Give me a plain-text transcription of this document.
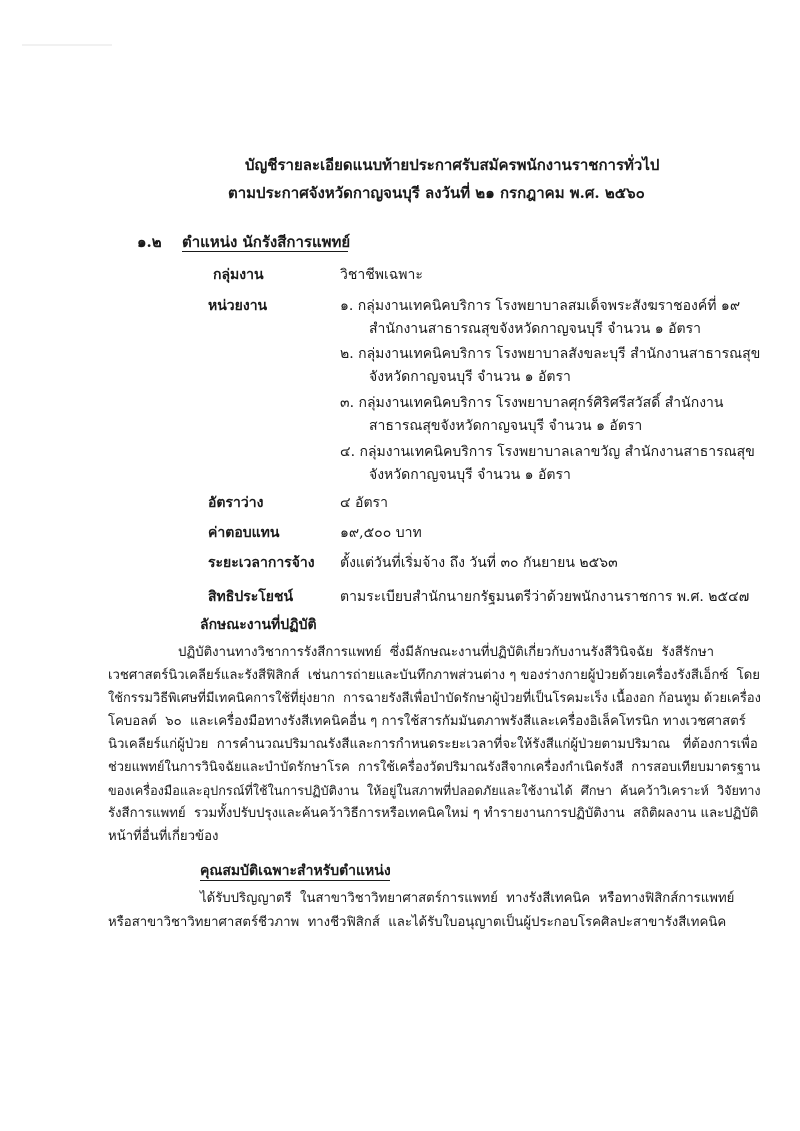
บัญชีรายละเอียดแนบท้ายประกาศรับสมัครพนักงานราชการทั่วไป
ตามประกาศจังหวัดกาญจนบุรี ลงวันที่ ๒๑ กรกฎาคม พ.ศ. ๒๕๖๐
๑.๒ ตำแหน่ง นักรังสีการแพทย์
กลุ่มงาน	วิชาชีพเฉพาะ
หน่วยงาน	๑. กลุ่มงานเทคนิคบริการ โรงพยาบาลสมเด็จพระสังฆราชองค์ที่ ๑๙
สำนักงานสาธารณสุขจังหวัดกาญจนบุรี จำนวน ๑ อัตรา
๒. กลุ่มงานเทคนิคบริการ โรงพยาบาลสังขละบุรี สำนักงานสาธารณสุข
จังหวัดกาญจนบุรี จำนวน ๑ อัตรา
๓. กลุ่มงานเทคนิคบริการ โรงพยาบาลศุกร์ศิริศรีสวัสดิ์ สำนักงาน
สาธารณสุขจังหวัดกาญจนบุรี จำนวน ๑ อัตรา
๔. กลุ่มงานเทคนิคบริการ โรงพยาบาลเลาขวัญ สำนักงานสาธารณสุข
จังหวัดกาญจนบุรี จำนวน ๑ อัตรา
อัตราว่าง	๔ อัตรา
ค่าตอบแทน	๑๙,๕๐๐ บาท
ระยะเวลาการจ้าง ตั้งแต่วันที่เริ่มจ้าง ถึง วันที่ ๓๐ กันยายน ๒๕๖๓
สิทธิประโยชน์	ตามระเบียบสำนักนายกรัฐมนตรีว่าด้วยพนักงานราชการ พ.ศ. ๒๕๔๗
ลักษณะงานที่ปฏิบัติ
ปฏิบัติงานทางวิชาการรังสีการแพทย์  ซึ่งมีลักษณะงานที่ปฏิบัติเกี่ยวกับงานรังสีวินิจฉัย  รังสีรักษา
เวชศาสตร์นิวเคลียร์และรังสีฟิสิกส์  เช่นการถ่ายและบันทึกภาพส่วนต่าง ๆ ของร่างกายผู้ป่วยด้วยเครื่องรังสีเอ็กซ์  โดย
ใช้กรรมวิธีพิเศษที่มีเทคนิคการใช้ที่ยุ่งยาก  การฉายรังสีเพื่อบำบัดรักษาผู้ป่วยที่เป็นโรคมะเร็ง เนื้องอก ก้อนทูม ด้วยเครื่อง
โคบอลต์  ๖๐  และเครื่องมือทางรังสีเทคนิคอื่น ๆ การใช้สารกัมมันตภาพรังสีและเครื่องอิเล็คโทรนิก ทางเวชศาสตร์
นิวเคลียร์แก่ผู้ป่วย  การคำนวณปริมาณรังสีและการกำหนดระยะเวลาที่จะให้รังสีแก่ผู้ป่วยตามปริมาณ   ที่ต้องการเพื่อ
ช่วยแพทย์ในการวินิจฉัยและบำบัดรักษาโรค  การใช้เครื่องวัดปริมาณรังสีจากเครื่องกำเนิดรังสี  การสอบเทียบมาตรฐาน
ของเครื่องมือและอุปกรณ์ที่ใช้ในการปฏิบัติงาน  ให้อยู่ในสภาพที่ปลอดภัยและใช้งานได้  ศึกษา  ค้นคว้าวิเคราะห์  วิจัยทาง
รังสีการแพทย์  รวมทั้งปรับปรุงและค้นคว้าวิธีการหรือเทคนิคใหม่ ๆ ทำรายงานการปฏิบัติงาน  สถิติผลงาน และปฏิบัติ
หน้าที่อื่นที่เกี่ยวข้อง
คุณสมบัติเฉพาะสำหรับตำแหน่ง
ได้รับปริญญาตรี  ในสาขาวิชาวิทยาศาสตร์การแพทย์  ทางรังสีเทคนิค  หรือทางฟิสิกส์การแพทย์
หรือสาขาวิชาวิทยาศาสตร์ชีวภาพ  ทางชีวฟิสิกส์  และได้รับใบอนุญาตเป็นผู้ประกอบโรคศิลปะสาขารังสีเทคนิค
